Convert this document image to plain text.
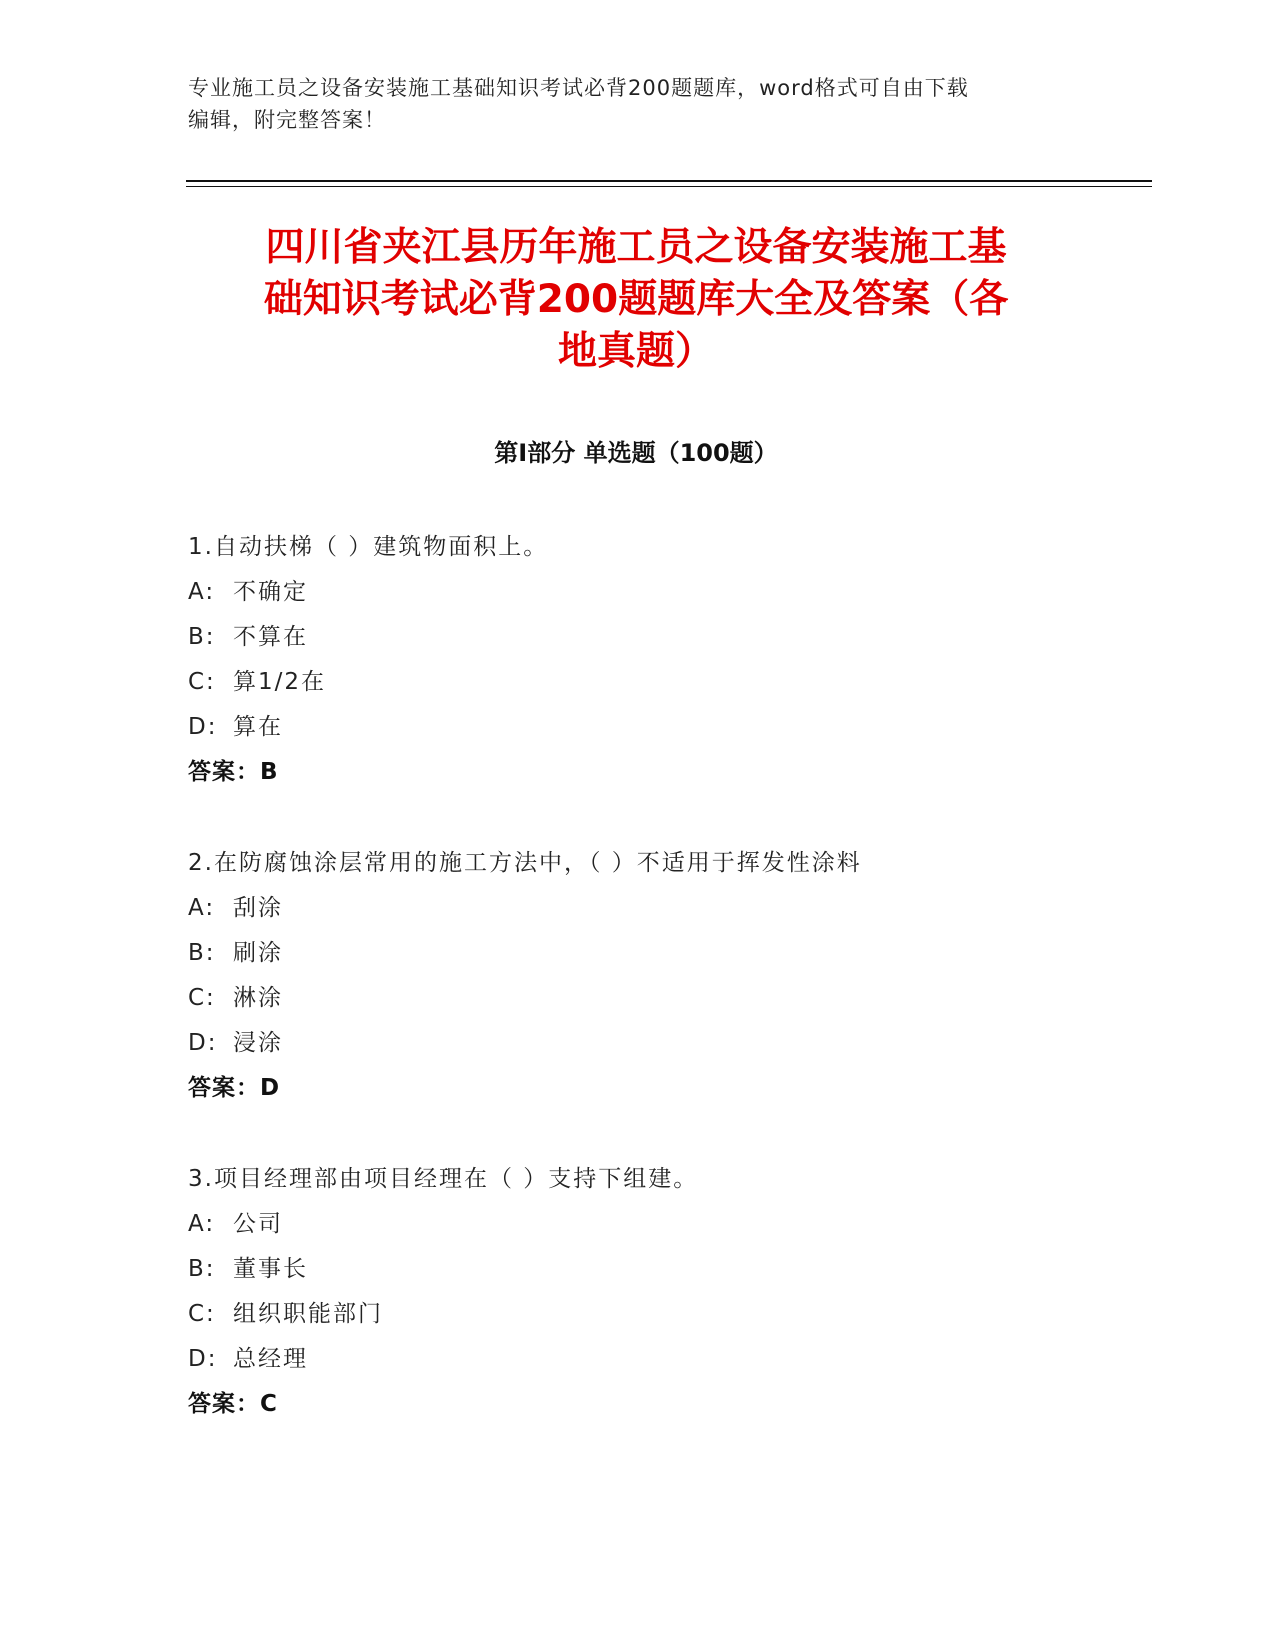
专业施工员之设备安装施工基础知识考试必背200题题库，word格式可自由下载
编辑，附完整答案！
四川省夹江县历年施工员之设备安装施工基
础知识考试必背200题题库大全及答案（各
地真题）
第Ⅰ部分 单选题（100题）
1.自动扶梯（ ）建筑物面积上。
A: 不确定
B: 不算在
C: 算1/2在
D: 算在
答案：B
2.在防腐蚀涂层常用的施工方法中，（ ）不适用于挥发性涂料
A: 刮涂
B: 刷涂
C: 淋涂
D: 浸涂
答案：D
3.项目经理部由项目经理在（ ）支持下组建。
A: 公司
B: 董事长
C: 组织职能部门
D: 总经理
答案：C
